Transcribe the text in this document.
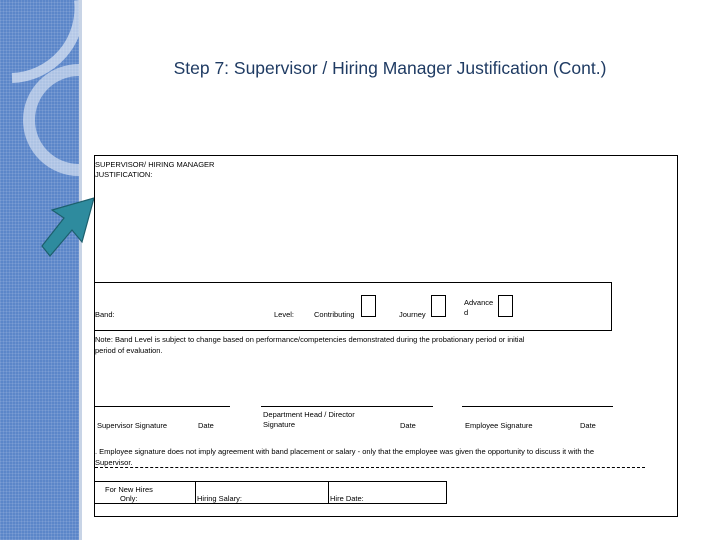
Step 7: Supervisor / Hiring Manager Justification (Cont.)
SUPERVISOR/ HIRING MANAGER
JUSTIFICATION:
Band:	Level:	Contributing	Journey
Advance
d
Note: Band Level is subject to change based on performance/competencies demonstrated during the probationary period or initial
period of evaluation.
Supervisor Signature	Date
Department Head / Director
Signature	Date	Employee Signature	Date
. Employee signature does not imply agreement with band placement or salary - only that the employee was given the opportunity to discuss it with the
Supervisor.
For New Hires
Only:	Hiring Salary:	Hire Date:
